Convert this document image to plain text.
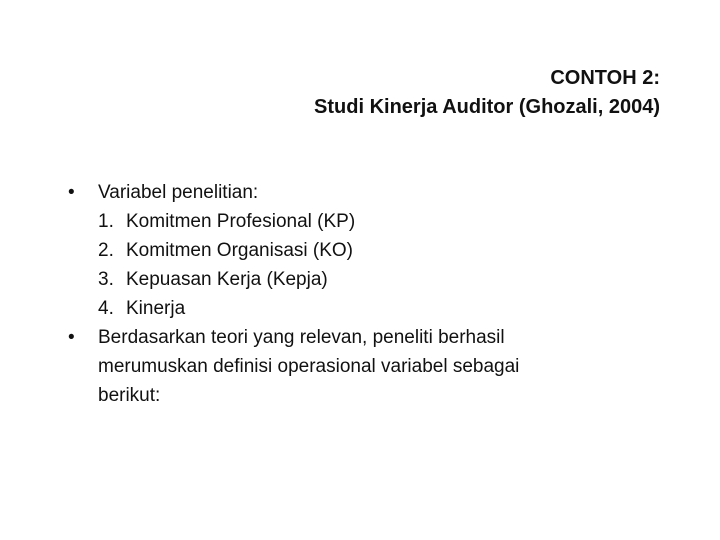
CONTOH 2:
Studi Kinerja Auditor (Ghozali, 2004)
•	Variabel penelitian:
1. Komitmen Profesional (KP)
2. Komitmen Organisasi (KO)
3. Kepuasan Kerja (Kepja)
4. Kinerja
•	Berdasarkan teori yang relevan, peneliti berhasil
merumuskan definisi operasional variabel sebagai
berikut:
